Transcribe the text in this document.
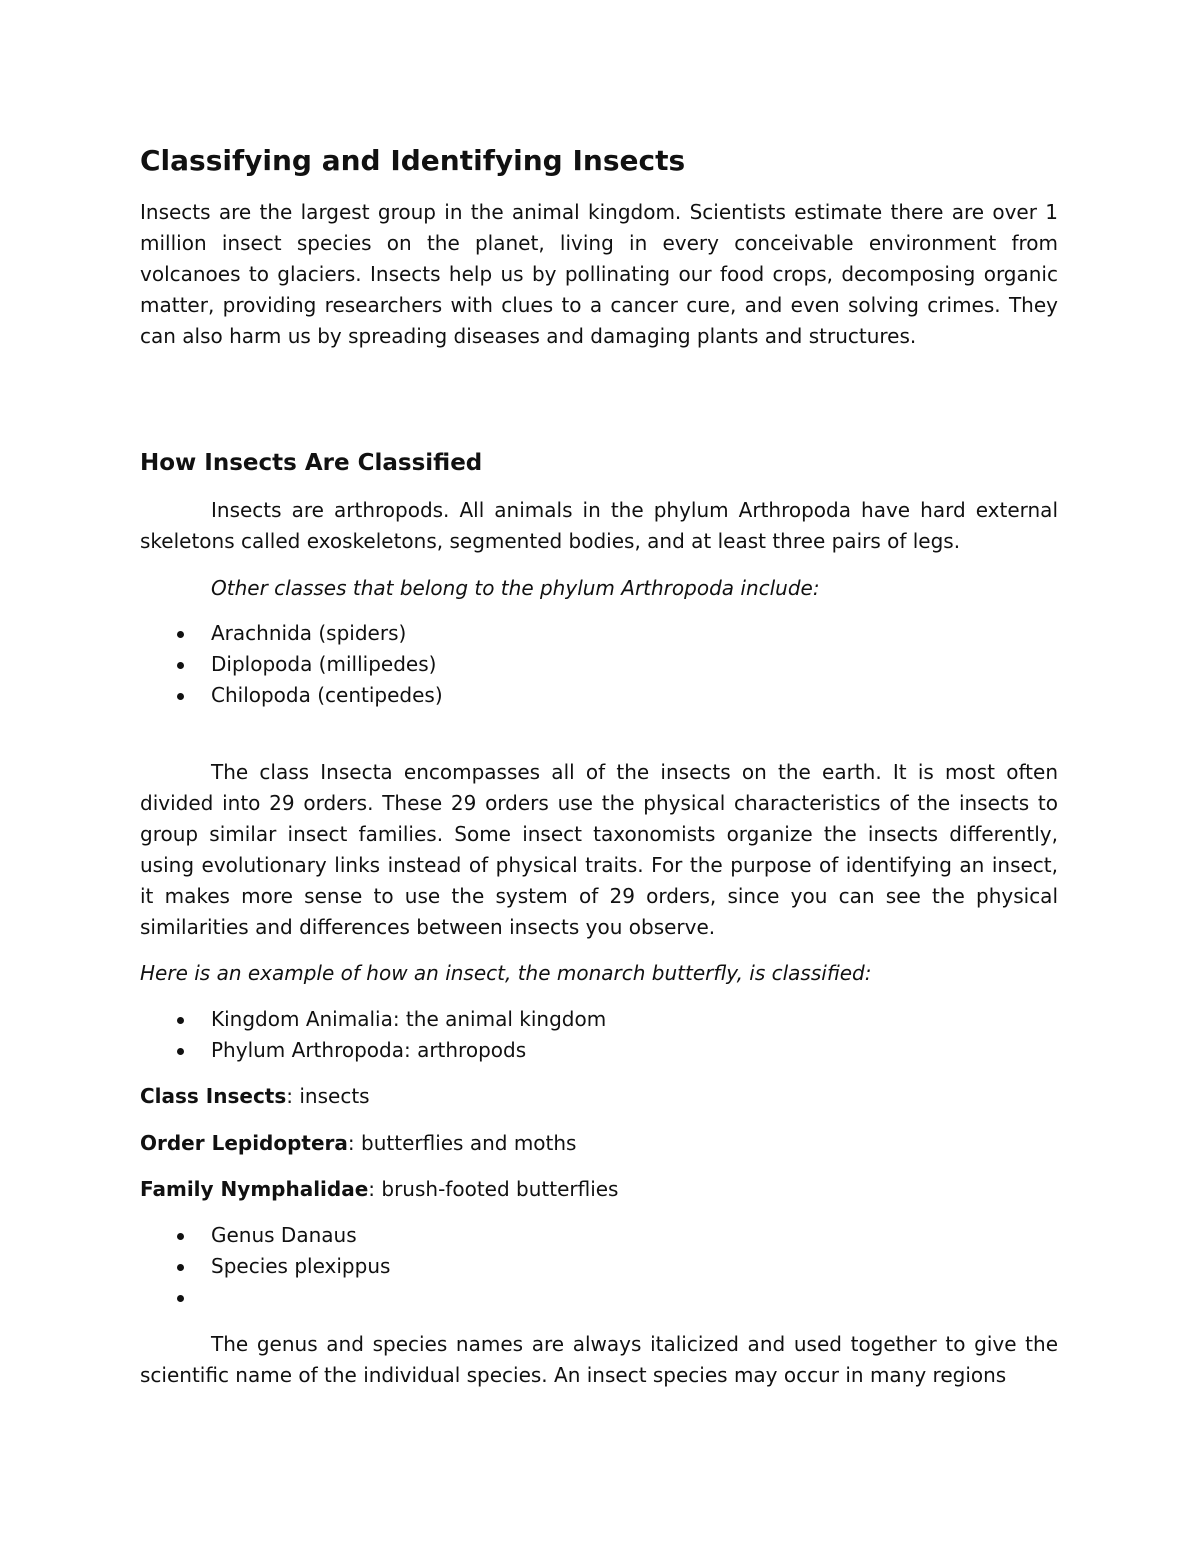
Classifying and Identifying Insects

Insects are the largest group in the animal kingdom. Scientists estimate there are over 1 million insect species on the planet, living in every conceivable environment from volcanoes to glaciers. Insects help us by pollinating our food crops, decomposing organic matter, providing researchers with clues to a cancer cure, and even solving crimes. They can also harm us by spreading diseases and damaging plants and structures.

How Insects Are Classified

Insects are arthropods. All animals in the phylum Arthropoda have hard external skeletons called exoskeletons, segmented bodies, and at least three pairs of legs.

Other classes that belong to the phylum Arthropoda include:

Arachnida (spiders)
Diplopoda (millipedes)
Chilopoda (centipedes)

The class Insecta encompasses all of the insects on the earth. It is most often divided into 29 orders. These 29 orders use the physical characteristics of the insects to group similar insect families. Some insect taxonomists organize the insects differently, using evolutionary links instead of physical traits. For the purpose of identifying an insect, it makes more sense to use the system of 29 orders, since you can see the physical similarities and differences between insects you observe.

Here is an example of how an insect, the monarch butterfly, is classified:

Kingdom Animalia: the animal kingdom
Phylum Arthropoda: arthropods

Class Insects: insects

Order Lepidoptera: butterflies and moths

Family Nymphalidae: brush-footed butterflies

Genus Danaus
Species plexippus

The genus and species names are always italicized and used together to give the scientific name of the individual species. An insect species may occur in many regions
